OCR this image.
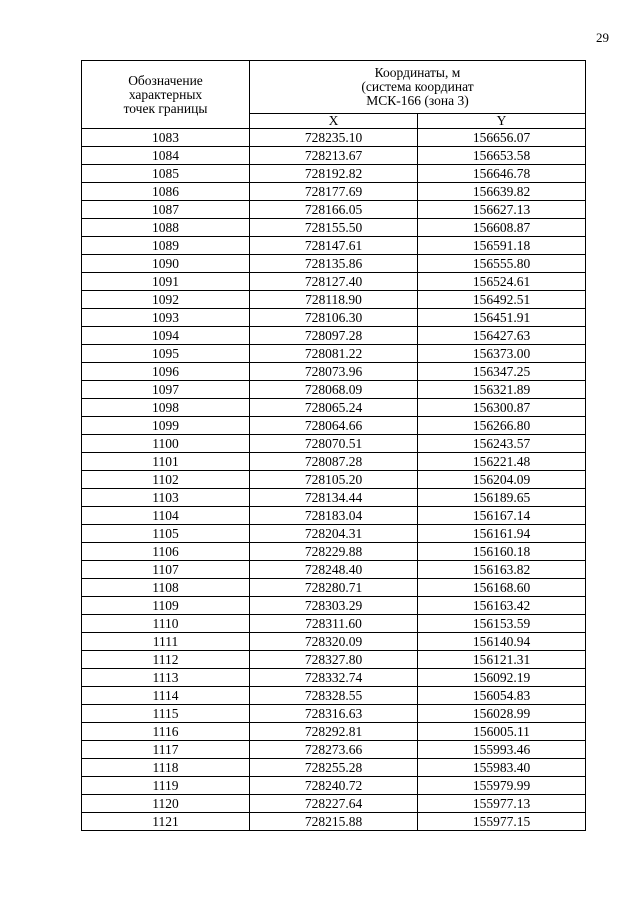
29
Обозначение
характерных
точек границы	Координаты, м
(система координат
МСК-166 (зона 3)	

	X	Y
1083	728235.10	156656.07
1084	728213.67	156653.58
1085	728192.82	156646.78
1086	728177.69	156639.82
1087	728166.05	156627.13
1088	728155.50	156608.87
1089	728147.61	156591.18
1090	728135.86	156555.80
1091	728127.40	156524.61
1092	728118.90	156492.51
1093	728106.30	156451.91
1094	728097.28	156427.63
1095	728081.22	156373.00
1096	728073.96	156347.25
1097	728068.09	156321.89
1098	728065.24	156300.87
1099	728064.66	156266.80
1100	728070.51	156243.57
1101	728087.28	156221.48
1102	728105.20	156204.09
1103	728134.44	156189.65
1104	728183.04	156167.14
1105	728204.31	156161.94
1106	728229.88	156160.18
1107	728248.40	156163.82
1108	728280.71	156168.60
1109	728303.29	156163.42
1110	728311.60	156153.59
1111	728320.09	156140.94
1112	728327.80	156121.31
1113	728332.74	156092.19
1114	728328.55	156054.83
1115	728316.63	156028.99
1116	728292.81	156005.11
1117	728273.66	155993.46
1118	728255.28	155983.40
1119	728240.72	155979.99
1120	728227.64	155977.13
1121	728215.88	155977.15
